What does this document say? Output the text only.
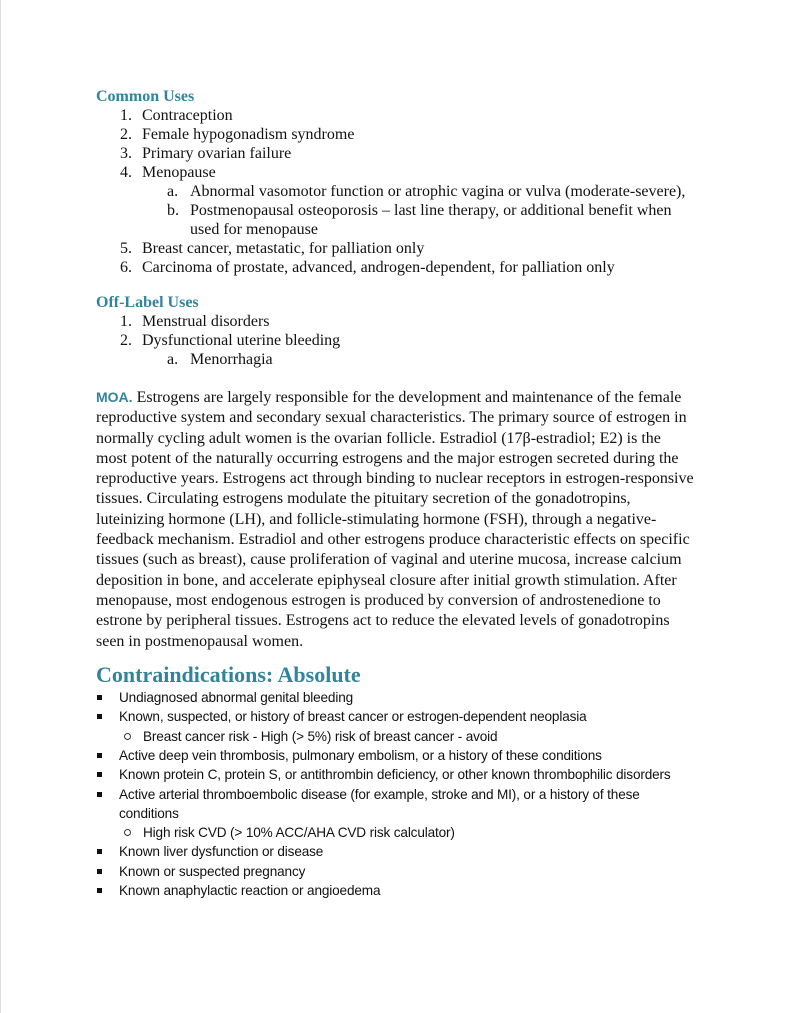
Common Uses
1. Contraception
2. Female hypogonadism syndrome
3. Primary ovarian failure
4. Menopause
a. Abnormal vasomotor function or atrophic vagina or vulva (moderate-severe),
b. Postmenopausal osteoporosis – last line therapy, or additional benefit when
used for menopause
5. Breast cancer, metastatic, for palliation only
6. Carcinoma of prostate, advanced, androgen-dependent, for palliation only
Off-Label Uses
1. Menstrual disorders
2. Dysfunctional uterine bleeding
a. Menorrhagia
MOA. Estrogens are largely responsible for the development and maintenance of the female
reproductive system and secondary sexual characteristics. The primary source of estrogen in
normally cycling adult women is the ovarian follicle. Estradiol (17β-estradiol; E2) is the
most potent of the naturally occurring estrogens and the major estrogen secreted during the
reproductive years. Estrogens act through binding to nuclear receptors in estrogen-responsive
tissues. Circulating estrogens modulate the pituitary secretion of the gonadotropins,
luteinizing hormone (LH), and follicle-stimulating hormone (FSH), through a negative-
feedback mechanism. Estradiol and other estrogens produce characteristic effects on specific
tissues (such as breast), cause proliferation of vaginal and uterine mucosa, increase calcium
deposition in bone, and accelerate epiphyseal closure after initial growth stimulation. After
menopause, most endogenous estrogen is produced by conversion of androstenedione to
estrone by peripheral tissues. Estrogens act to reduce the elevated levels of gonadotropins
seen in postmenopausal women.
Contraindications: Absolute
Undiagnosed abnormal genital bleeding
Known, suspected, or history of breast cancer or estrogen-dependent neoplasia
Breast cancer risk - High (> 5%) risk of breast cancer - avoid
Active deep vein thrombosis, pulmonary embolism, or a history of these conditions
Known protein C, protein S, or antithrombin deficiency, or other known thrombophilic disorders
Active arterial thromboembolic disease (for example, stroke and MI), or a history of these
conditions
High risk CVD (> 10% ACC/AHA CVD risk calculator)
Known liver dysfunction or disease
Known or suspected pregnancy
Known anaphylactic reaction or angioedema
